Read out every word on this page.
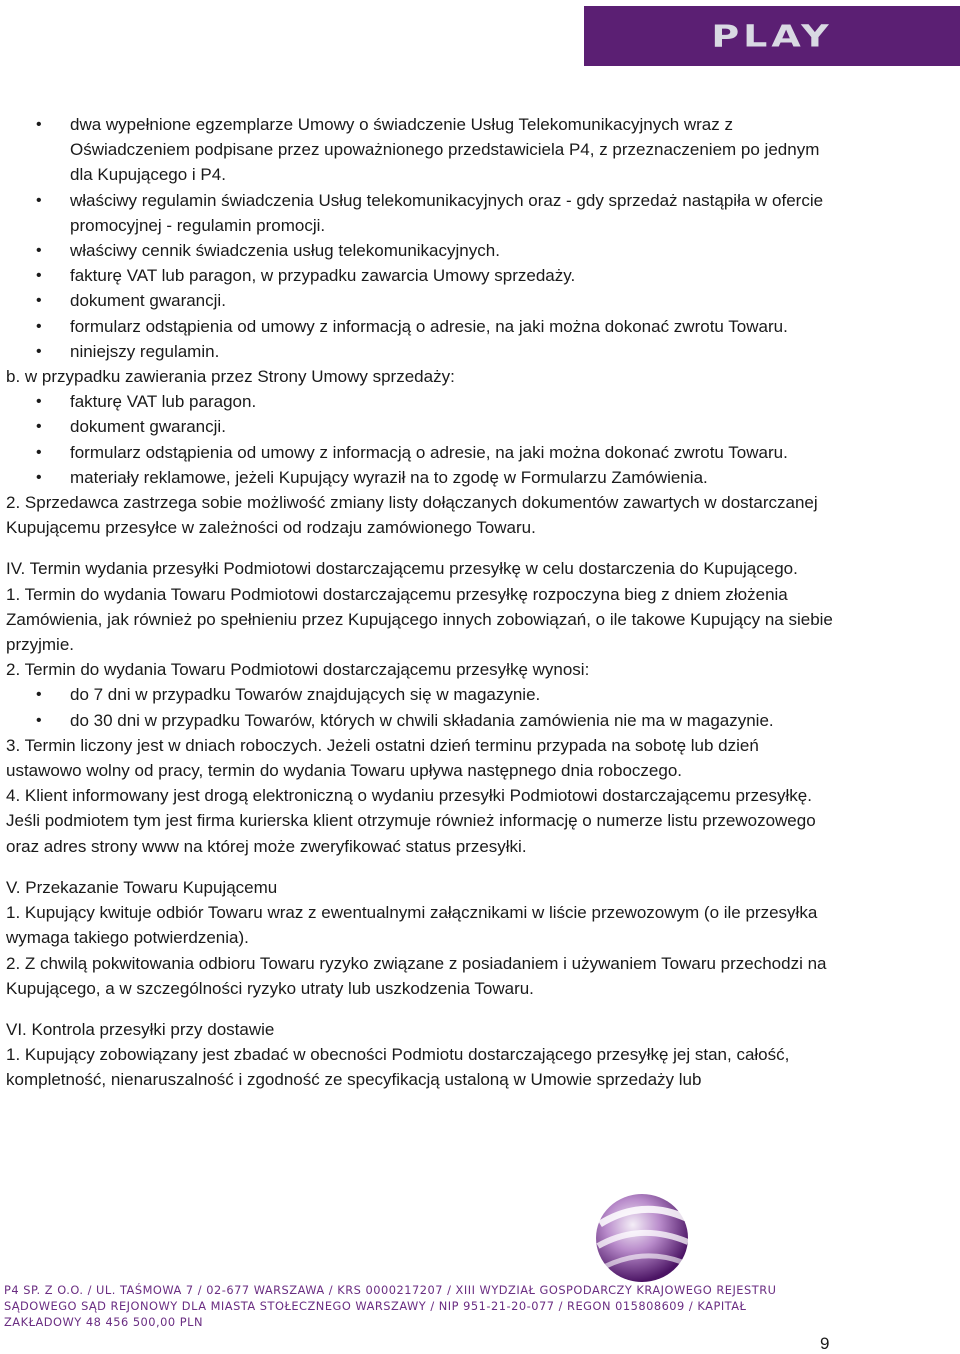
PLAY
• dwa wypełnione egzemplarze Umowy o świadczenie Usług Telekomunikacyjnych wraz z Oświadczeniem podpisane przez upoważnionego przedstawiciela P4, z przeznaczeniem po jednym dla Kupującego i P4.
• właściwy regulamin świadczenia Usług telekomunikacyjnych oraz - gdy sprzedaż nastąpiła w ofercie promocyjnej - regulamin promocji.
• właściwy cennik świadczenia usług telekomunikacyjnych.
• fakturę VAT lub paragon, w przypadku zawarcia Umowy sprzedaży.
• dokument gwarancji.
• formularz odstąpienia od umowy z informacją o adresie, na jaki można dokonać zwrotu Towaru.
• niniejszy regulamin.

b. w przypadku zawierania przez Strony Umowy sprzedaży:

• fakturę VAT lub paragon.
• dokument gwarancji.
• formularz odstąpienia od umowy z informacją o adresie, na jaki można dokonać zwrotu Towaru.
• materiały reklamowe, jeżeli Kupujący wyraził na to zgodę w Formularzu Zamówienia.

2. Sprzedawca zastrzega sobie możliwość zmiany listy dołączanych dokumentów zawartych w dostarczanej Kupującemu przesyłce w zależności od rodzaju zamówionego Towaru.

IV. Termin wydania przesyłki Podmiotowi dostarczającemu przesyłkę w celu dostarczenia do Kupującego.

1. Termin do wydania Towaru Podmiotowi dostarczającemu przesyłkę rozpoczyna bieg z dniem złożenia Zamówienia, jak również po spełnieniu przez Kupującego innych zobowiązań, o ile takowe Kupujący na siebie przyjmie.

2. Termin do wydania Towaru Podmiotowi dostarczającemu przesyłkę wynosi:

• do 7 dni w przypadku Towarów znajdujących się w magazynie.
• do 30 dni w przypadku Towarów, których w chwili składania zamówienia nie ma w magazynie.

3. Termin liczony jest w dniach roboczych. Jeżeli ostatni dzień terminu przypada na sobotę lub dzień ustawowo wolny od pracy, termin do wydania Towaru upływa następnego dnia roboczego.

4. Klient informowany jest drogą elektroniczną o wydaniu przesyłki Podmiotowi dostarczającemu przesyłkę. Jeśli podmiotem tym jest firma kurierska klient otrzymuje również informację o numerze listu przewozowego oraz adres strony www na której może zweryfikować status przesyłki.

V. Przekazanie Towaru Kupującemu

1. Kupujący kwituje odbiór Towaru wraz z ewentualnymi załącznikami w liście przewozowym (o ile przesyłka wymaga takiego potwierdzenia).

2. Z chwilą pokwitowania odbioru Towaru ryzyko związane z posiadaniem i używaniem Towaru przechodzi na Kupującego, a w szczególności ryzyko utraty lub uszkodzenia Towaru.

VI. Kontrola przesyłki przy dostawie

1. Kupujący zobowiązany jest zbadać w obecności Podmiotu dostarczającego przesyłkę jej stan, całość, kompletność, nienaruszalność i zgodność ze specyfikacją ustaloną w Umowie sprzedaży lub

P4 SP. Z O.O. / UL. TAŚMOWA 7 / 02-677 WARSZAWA / KRS 0000217207 / XIII WYDZIAŁ GOSPODARCZY KRAJOWEGO REJESTRU
SĄDOWEGO SĄD REJONOWY DLA MIASTA STOŁECZNEGO WARSZAWY / NIP 951-21-20-077 / REGON 015808609 / KAPITAŁ
ZAKŁADOWY 48 456 500,00 PLN
9
